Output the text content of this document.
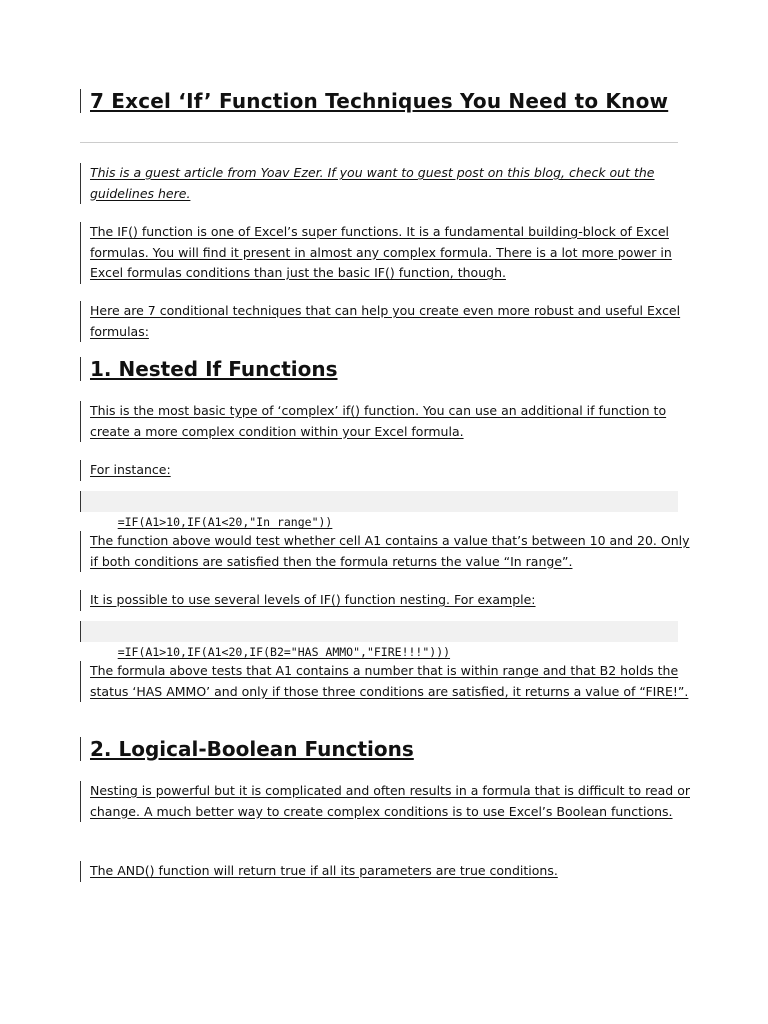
7 Excel ‘If’ Function Techniques You Need to Know
This is a guest article from Yoav Ezer. If you want to guest post on this blog, check out the guidelines here.
The IF() function is one of Excel’s super functions. It is a fundamental building-block of Excel formulas. You will find it present in almost any complex formula. There is a lot more power in Excel formulas conditions than just the basic IF() function, though.
Here are 7 conditional techniques that can help you create even more robust and useful Excel formulas:
1. Nested If Functions
This is the most basic type of ‘complex’ if() function. You can use an additional if function to create a more complex condition within your Excel formula.
For instance:

=IF(A1>10,IF(A1<20,"In range"))

The function above would test whether cell A1 contains a value that’s between 10 and 20. Only if both conditions are satisfied then the formula returns the value “In range”.
It is possible to use several levels of IF() function nesting. For example:

=IF(A1>10,IF(A1<20,IF(B2="HAS AMMO","FIRE!!!")))

The formula above tests that A1 contains a number that is within range and that B2 holds the status ‘HAS AMMO’ and only if those three conditions are satisfied, it returns a value of “FIRE!”.
2. Logical-Boolean Functions
Nesting is powerful but it is complicated and often results in a formula that is difficult to read or change. A much better way to create complex conditions is to use Excel’s Boolean functions.
The AND() function will return true if all its parameters are true conditions.
